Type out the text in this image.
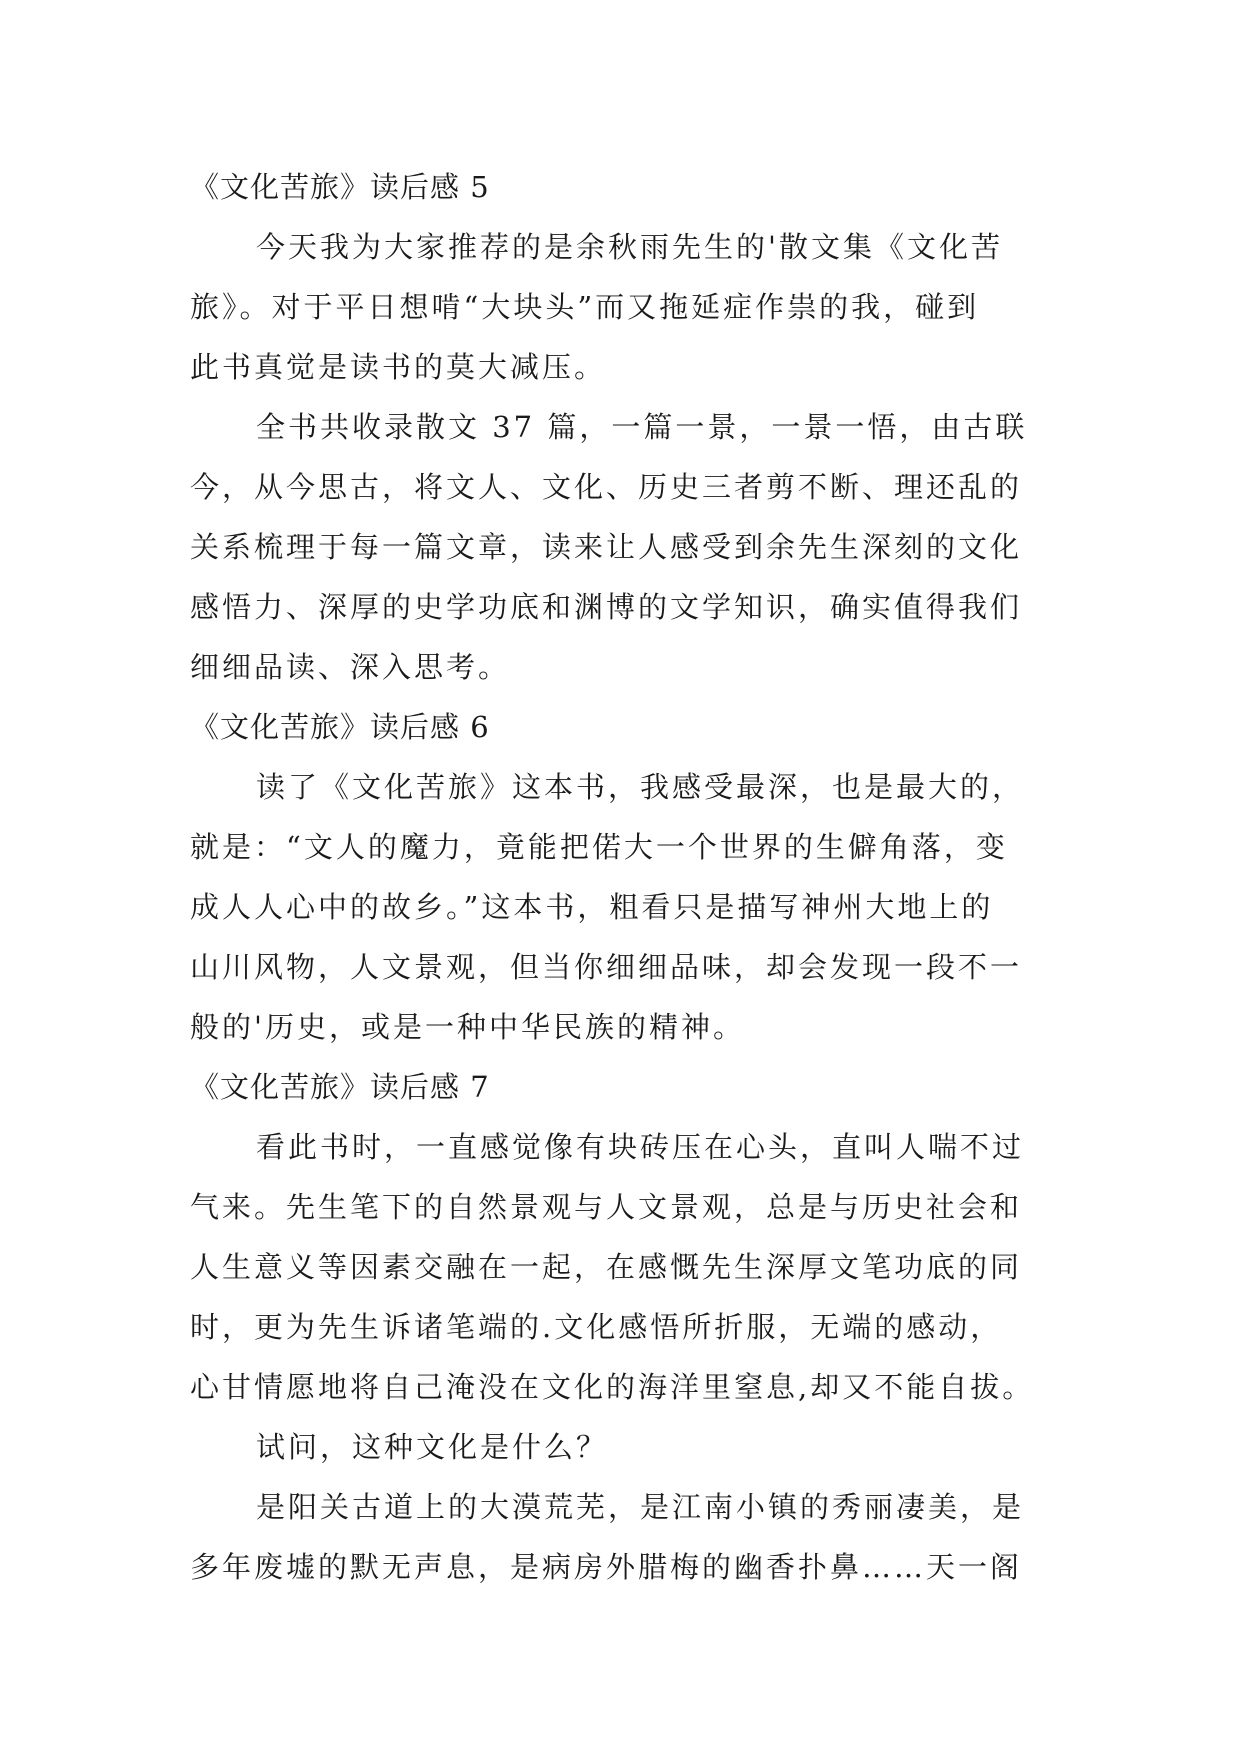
《文化苦旅》读后感 5
今天我为大家推荐的是余秋雨先生的'散文集《文化苦
旅》。对于平日想啃“大块头”而又拖延症作祟的我，碰到
此书真觉是读书的莫大减压。
全书共收录散文 37 篇，一篇一景，一景一悟，由古联
今，从今思古，将文人、文化、历史三者剪不断、理还乱的
关系梳理于每一篇文章，读来让人感受到余先生深刻的文化
感悟力、深厚的史学功底和渊博的文学知识，确实值得我们
细细品读、深入思考。
《文化苦旅》读后感 6
读了《文化苦旅》这本书，我感受最深，也是最大的，
就是：“文人的魔力，竟能把偌大一个世界的生僻角落，变
成人人心中的故乡。”这本书，粗看只是描写神州大地上的
山川风物，人文景观，但当你细细品味，却会发现一段不一
般的'历史，或是一种中华民族的精神。
《文化苦旅》读后感 7
看此书时，一直感觉像有块砖压在心头，直叫人喘不过
气来。先生笔下的自然景观与人文景观，总是与历史社会和
人生意义等因素交融在一起，在感慨先生深厚文笔功底的同
时，更为先生诉诸笔端的.文化感悟所折服，无端的感动，
心甘情愿地将自己淹没在文化的海洋里窒息,却又不能自拔。
试问，这种文化是什么？
是阳关古道上的大漠荒芜，是江南小镇的秀丽凄美，是
多年废墟的默无声息，是病房外腊梅的幽香扑鼻……天一阁
